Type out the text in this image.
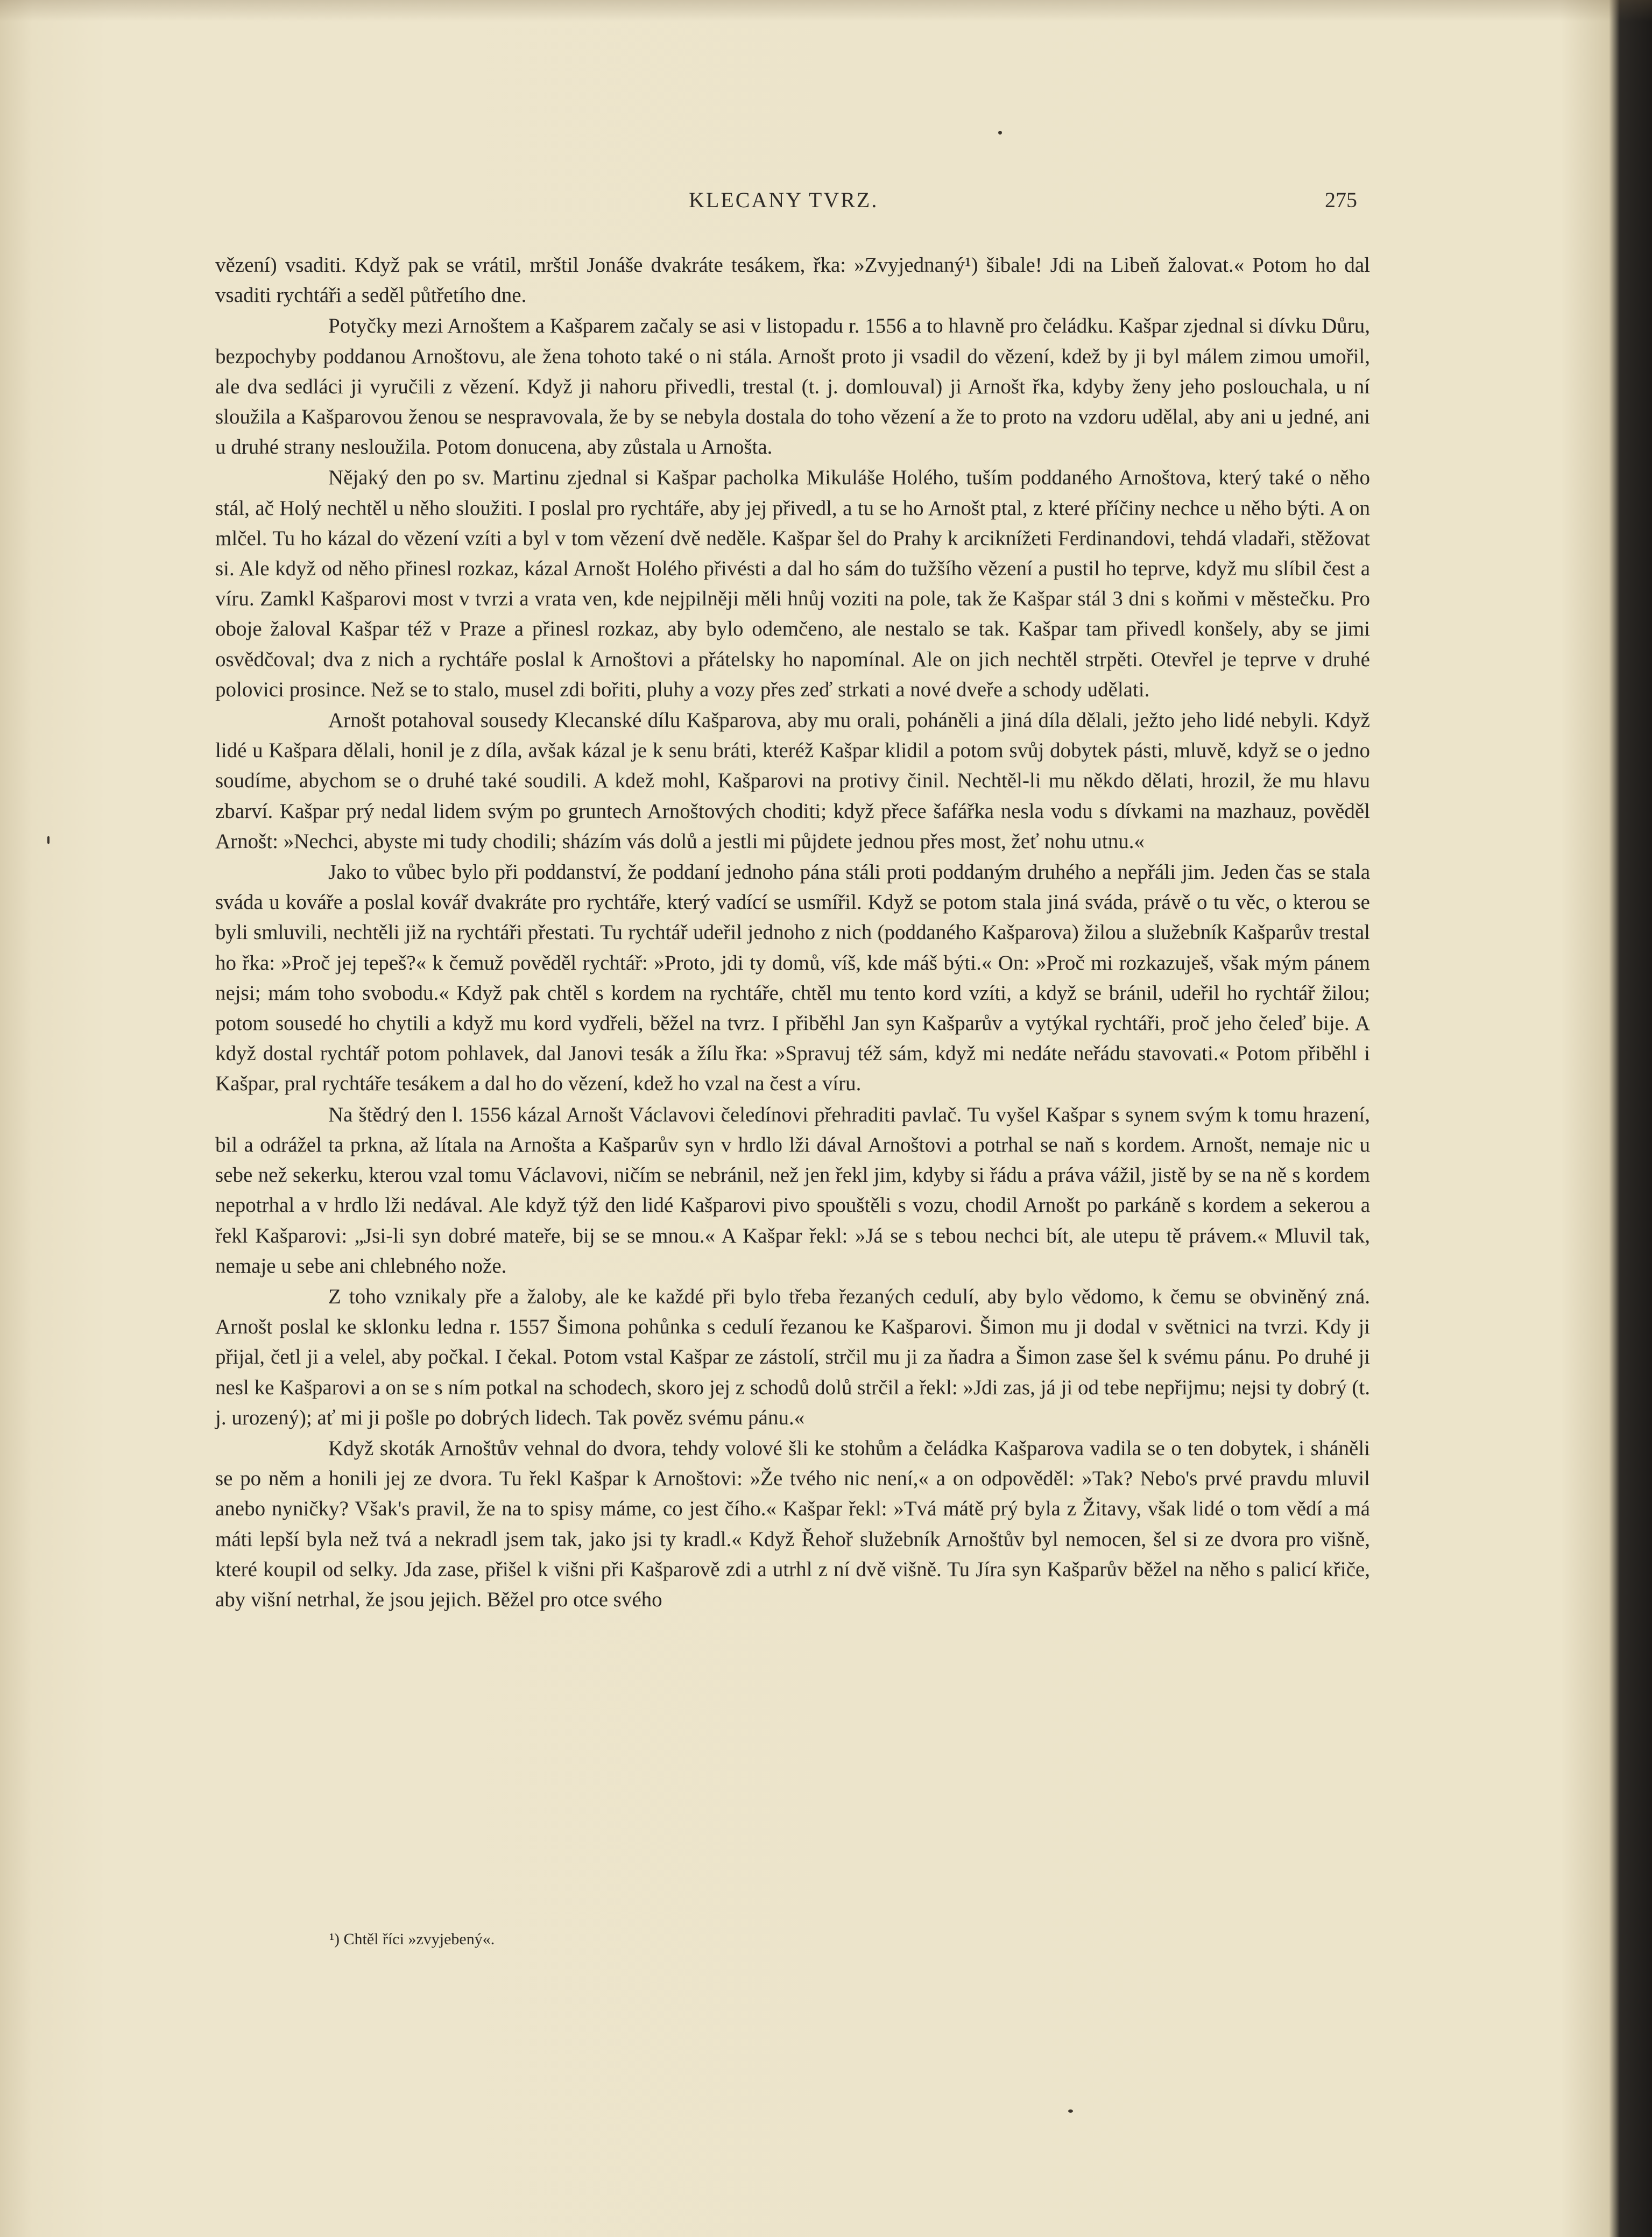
KLECANY TVRZ.	275

vězení) vsaditi. Když pak se vrátil, mrštil Jonáše dvakráte tesákem, řka: »Zvyjednaný¹) šibale! Jdi na Libeň žalovat.« Potom ho dal vsaditi rychtáři a seděl půtřetího dne.

Potyčky mezi Arnoštem a Kašparem začaly se asi v listopadu r. 1556 a to hlavně pro čeládku. Kašpar zjednal si dívku Důru, bezpochyby poddanou Arnoštovu, ale žena tohoto také o ni stála. Arnošt proto ji vsadil do vězení, kdež by ji byl málem zimou umořil, ale dva sedláci ji vyručili z vězení. Když ji nahoru přivedli, trestal (t. j. domlouval) ji Arnošt řka, kdyby ženy jeho poslouchala, u ní sloužila a Kašparovou ženou se nespravovala, že by se nebyla dostala do toho vězení a že to proto na vzdoru udělal, aby ani u jedné, ani u druhé strany nesloužila. Potom donucena, aby zůstala u Arnošta.

Nějaký den po sv. Martinu zjednal si Kašpar pacholka Mikuláše Holého, tuším poddaného Arnoštova, který také o něho stál, ač Holý nechtěl u něho sloužiti. I poslal pro rychtáře, aby jej přivedl, a tu se ho Arnošt ptal, z které příčiny nechce u něho býti. A on mlčel. Tu ho kázal do vězení vzíti a byl v tom vězení dvě neděle. Kašpar šel do Prahy k arciknížeti Ferdinandovi, tehdá vladaři, stěžovat si. Ale když od něho přinesl rozkaz, kázal Arnošt Holého přivésti a dal ho sám do tužšího vězení a pustil ho teprve, když mu slíbil čest a víru. Zamkl Kašparovi most v tvrzi a vrata ven, kde nejpilněji měli hnůj voziti na pole, tak že Kašpar stál 3 dni s koňmi v městečku. Pro oboje žaloval Kašpar též v Praze a přinesl rozkaz, aby bylo odemčeno, ale nestalo se tak. Kašpar tam přivedl konšely, aby se jimi osvědčoval; dva z nich a rychtáře poslal k Arnoštovi a přátelsky ho napomínal. Ale on jich nechtěl strpěti. Otevřel je teprve v druhé polovici prosince. Než se to stalo, musel zdi bořiti, pluhy a vozy přes zeď strkati a nové dveře a schody udělati.

Arnošt potahoval sousedy Klecanské dílu Kašparova, aby mu orali, poháněli a jiná díla dělali, ježto jeho lidé nebyli. Když lidé u Kašpara dělali, honil je z díla, avšak kázal je k senu bráti, kteréž Kašpar klidil a potom svůj dobytek pásti, mluvě, když se o jedno soudíme, abychom se o druhé také soudili. A kdež mohl, Kašparovi na protivy činil. Nechtěl-li mu někdo dělati, hrozil, že mu hlavu zbarví. Kašpar prý nedal lidem svým po gruntech Arnoštových choditi; když přece šafářka nesla vodu s dívkami na mazhauz, pověděl Arnošt: »Nechci, abyste mi tudy chodili; sházím vás dolů a jestli mi půjdete jednou přes most, žeť nohu utnu.«

Jako to vůbec bylo při poddanství, že poddaní jednoho pána stáli proti poddaným druhého a nepřáli jim. Jeden čas se stala sváda u kováře a poslal kovář dvakráte pro rychtáře, který vadící se usmířil. Když se potom stala jiná sváda, právě o tu věc, o kterou se byli smluvili, nechtěli již na rychtáři přestati. Tu rychtář udeřil jednoho z nich (poddaného Kašparova) žilou a služebník Kašparův trestal ho řka: »Proč jej tepeš?« k čemuž pověděl rychtář: »Proto, jdi ty domů, víš, kde máš býti.« On: »Proč mi rozkazuješ, však mým pánem nejsi; mám toho svobodu.« Když pak chtěl s kordem na rychtáře, chtěl mu tento kord vzíti, a když se bránil, udeřil ho rychtář žilou; potom sousedé ho chytili a když mu kord vydřeli, běžel na tvrz. I přiběhl Jan syn Kašparův a vytýkal rychtáři, proč jeho čeleď bije. A když dostal rychtář potom pohlavek, dal Janovi tesák a žílu řka: »Spravuj též sám, když mi nedáte neřádu stavovati.« Potom přiběhl i Kašpar, pral rychtáře tesákem a dal ho do vězení, kdež ho vzal na čest a víru.

Na štědrý den l. 1556 kázal Arnošt Václavovi čeledínovi přehraditi pavlač. Tu vyšel Kašpar s synem svým k tomu hrazení, bil a odrážel ta prkna, až lítala na Arnošta a Kašparův syn v hrdlo lži dával Arnoštovi a potrhal se naň s kordem. Arnošt, nemaje nic u sebe než sekerku, kterou vzal tomu Václavovi, ničím se nebránil, než jen řekl jim, kdyby si řádu a práva vážil, jistě by se na ně s kordem nepotrhal a v hrdlo lži nedával. Ale když týž den lidé Kašparovi pivo spouštěli s vozu, chodil Arnošt po parkáně s kordem a sekerou a řekl Kašparovi: „Jsi-li syn dobré mateře, bij se se mnou.« A Kašpar řekl: »Já se s tebou nechci bít, ale utepu tě právem.« Mluvil tak, nemaje u sebe ani chlebného nože.

Z toho vznikaly pře a žaloby, ale ke každé při bylo třeba řezaných cedulí, aby bylo vědomo, k čemu se obviněný zná. Arnošt poslal ke sklonku ledna r. 1557 Šimona pohůnka s cedulí řezanou ke Kašparovi. Šimon mu ji dodal v světnici na tvrzi. Kdy ji přijal, četl ji a velel, aby počkal. I čekal. Potom vstal Kašpar ze zástolí, strčil mu ji za ňadra a Šimon zase šel k svému pánu. Po druhé ji nesl ke Kašparovi a on se s ním potkal na schodech, skoro jej z schodů dolů strčil a řekl: »Jdi zas, já ji od tebe nepřijmu; nejsi ty dobrý (t. j. urozený); ať mi ji pošle po dobrých lidech. Tak pověz svému pánu.«

Když skoták Arnoštův vehnal do dvora, tehdy volové šli ke stohům a čeládka Kašparova vadila se o ten dobytek, i sháněli se po něm a honili jej ze dvora. Tu řekl Kašpar k Arnoštovi: »Že tvého nic není,« a on odpověděl: »Tak? Nebo's prvé pravdu mluvil anebo nyničky? Však's pravil, že na to spisy máme, co jest čího.« Kašpar řekl: »Tvá mátě prý byla z Žitavy, však lidé o tom vědí a má máti lepší byla než tvá a nekradl jsem tak, jako jsi ty kradl.« Když Řehoř služebník Arnoštův byl nemocen, šel si ze dvora pro višně, které koupil od selky. Jda zase, přišel k višni při Kašparově zdi a utrhl z ní dvě višně. Tu Jíra syn Kašparův běžel na něho s palicí křiče, aby višní netrhal, že jsou jejich. Běžel pro otce svého

¹) Chtěl říci »zvyjebený«.
